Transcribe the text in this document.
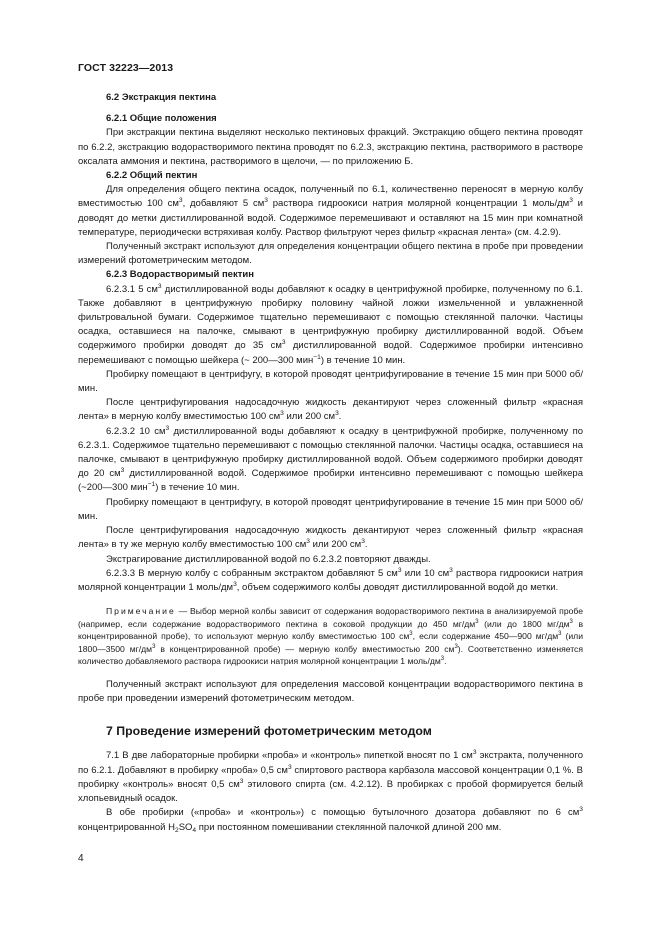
ГОСТ 32223—2013

6.2 Экстракция пектина

6.2.1 Общие положения

При экстракции пектина выделяют несколько пектиновых фракций. Экстракцию общего пектина проводят по 6.2.2, экстракцию водорастворимого пектина проводят по 6.2.3, экстракцию пектина, растворимого в растворе оксалата аммония и пектина, растворимого в щелочи, — по приложению Б.

6.2.2 Общий пектин

Для определения общего пектина осадок, полученный по 6.1, количественно переносят в мерную колбу вместимостью 100 $см^3$, добавляют 5 $см^3$ раствора гидроокиси натрия молярной концентрации 1 моль/$дм^3$ и доводят до метки дистиллированной водой. Содержимое перемешивают и оставляют на 15 мин при комнатной температуре, периодически встряхивая колбу. Раствор фильтруют через фильтр «красная лента» (см. 4.2.9).

Полученный экстракт используют для определения концентрации общего пектина в пробе при проведении измерений фотометрическим методом.

6.2.3 Водорастворимый пектин

6.2.3.1 5 $см^3$ дистиллированной воды добавляют к осадку в центрифужной пробирке, полученному по 6.1. Также добавляют в центрифужную пробирку половину чайной ложки измельченной и увлажненной фильтровальной бумаги. Содержимое тщательно перемешивают с помощью стеклянной палочки. Частицы осадка, оставшиеся на палочке, смывают в центрифужную пробирку дистиллированной водой. Объем содержимого пробирки доводят до 35 $см^3$ дистиллированной водой. Содержимое пробирки интенсивно перемешивают с помощью шейкера (~ 200—300 мин$^{-1}$) в течение 10 мин.

Пробирку помещают в центрифугу, в которой проводят центрифугирование в течение 15 мин при 5000 об/мин.

После центрифугирования надосадочную жидкость декантируют через сложенный фильтр «красная лента» в мерную колбу вместимостью 100 $см^3$ или 200 $см^3$.

6.2.3.2 10 $см^3$ дистиллированной воды добавляют к осадку в центрифужной пробирке, полученному по 6.2.3.1. Содержимое тщательно перемешивают с помощью стеклянной палочки. Частицы осадка, оставшиеся на палочке, смывают в центрифужную пробирку дистиллированной водой. Объем содержимого пробирки доводят до 20 $см^3$ дистиллированной водой. Содержимое пробирки интенсивно перемешивают с помощью шейкера (~200—300 мин$^{-1}$) в течение 10 мин.

Пробирку помещают в центрифугу, в которой проводят центрифугирование в течение 15 мин при 5000 об/мин.

После центрифугирования надосадочную жидкость декантируют через сложенный фильтр «красная лента» в ту же мерную колбу вместимостью 100 $см^3$ или 200 $см^3$.

Экстрагирование дистиллированной водой по 6.2.3.2 повторяют дважды.

6.2.3.3 В мерную колбу с собранным экстрактом добавляют 5 $см^3$ или 10 $см^3$ раствора гидроокиси натрия молярной концентрации 1 моль/$дм^3$, объем содержимого колбы доводят дистиллированной водой до метки.

Примечание — Выбор мерной колбы зависит от содержания водорастворимого пектина в анализируемой пробе (например, если содержание водорастворимого пектина в соковой продукции до 450 $мг/дм^3$ (или до 1800 $мг/дм^3$ в концентрированной пробе), то используют мерную колбу вместимостью 100 $см^3$, если содержание 450—900 $мг/дм^3$ (или 1800—3500 $мг/дм^3$ в концентрированной пробе) — мерную колбу вместимостью 200 $см^3$). Соответственно изменяется количество добавляемого раствора гидроокиси натрия молярной концентрации 1 моль/$дм^3$.

Полученный экстракт используют для определения массовой концентрации водорастворимого пектина в пробе при проведении измерений фотометрическим методом.

7 Проведение измерений фотометрическим методом

7.1 В две лабораторные пробирки «проба» и «контроль» пипеткой вносят по 1 $см^3$ экстракта, полученного по 6.2.1. Добавляют в пробирку «проба» 0,5 $см^3$ спиртового раствора карбазола массовой концентрации 0,1 %. В пробирку «контроль» вносят 0,5 $см^3$ этилового спирта (см. 4.2.12). В пробирках с пробой формируется белый хлопьевидный осадок.

В обе пробирки («проба» и «контроль») с помощью бутылочного дозатора добавляют по 6 $см^3$ концентрированной $H_2SO_4$ при постоянном помешивании стеклянной палочкой длиной 200 мм.

4
